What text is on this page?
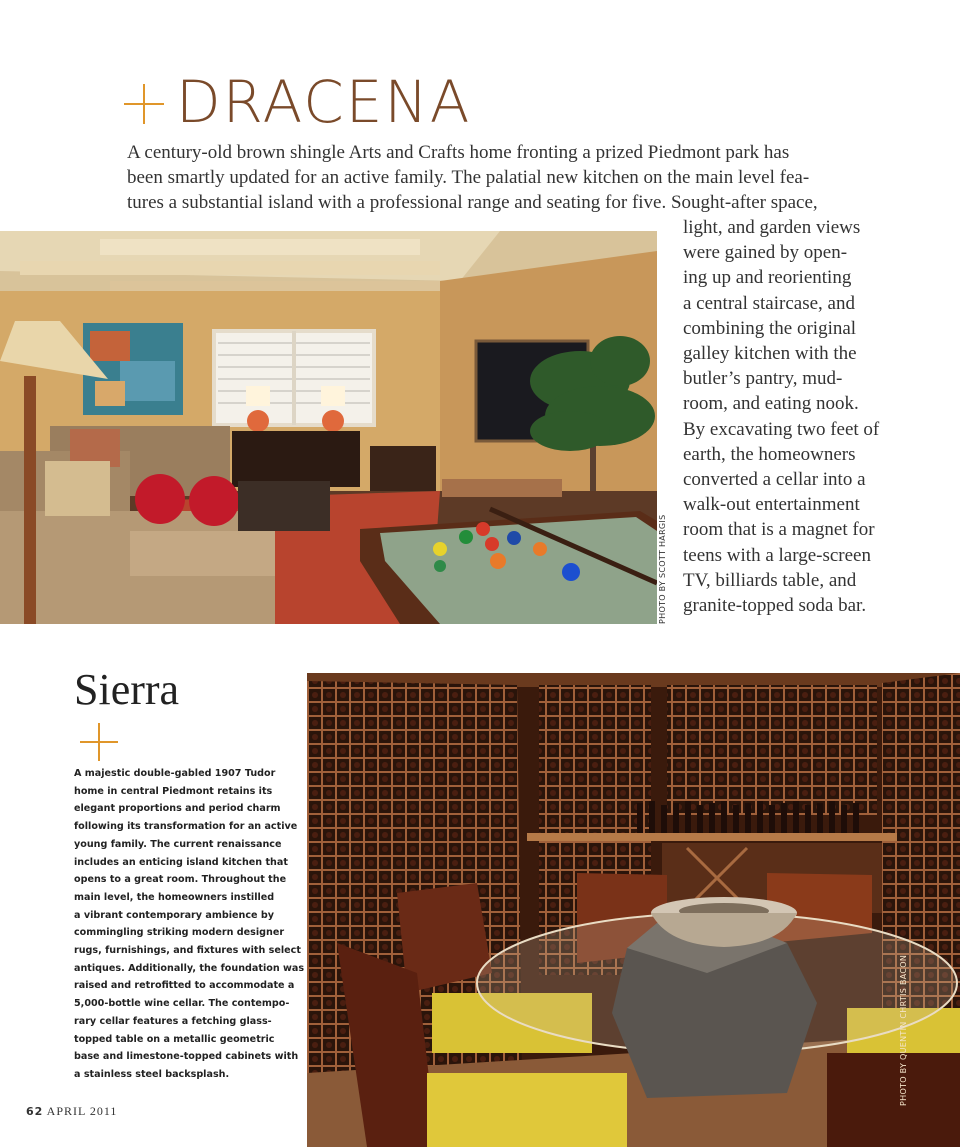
DRACENA
A century-old brown shingle Arts and Crafts home fronting a prized Piedmont park has
been smartly updated for an active family. The palatial new kitchen on the main level fea-
tures a substantial island with a professional range and seating for five. Sought-after space,
PHOTO BY SCOTT HARGIS
light, and garden views
were gained by open-
ing up and reorienting
a central staircase, and
combining the original
galley kitchen with the
butler’s pantry, mud-
room, and eating nook.
By excavating two feet of
earth, the homeowners
converted a cellar into a
walk-out entertainment
room that is a magnet for
teens with a large-screen
TV, billiards table, and
granite-topped soda bar.
Sierra
A majestic double-gabled 1907 Tudor
home in central Piedmont retains its
elegant proportions and period charm
following its transformation for an active
young family. The current renaissance
includes an enticing island kitchen that
opens to a great room. Throughout the
main level, the homeowners instilled
a vibrant contemporary ambience by
commingling striking modern designer
rugs, furnishings, and fixtures with select
antiques. Additionally, the foundation was
raised and retrofitted to accommodate a
5,000-bottle wine cellar. The contempo-
rary cellar features a fetching glass-
topped table on a metallic geometric
base and limestone-topped cabinets with
a stainless steel backsplash.	PHOTO BY QUENTIN CHRTIS BACON
62 APRIL 2011
